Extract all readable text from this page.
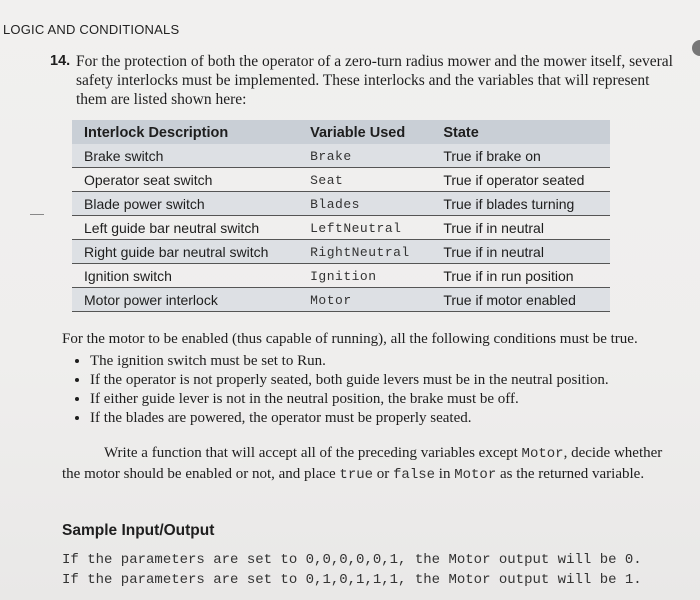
LOGIC AND CONDITIONALS
14. For the protection of both the operator of a zero-turn radius mower and the mower itself, several safety interlocks must be implemented. These interlocks and the variables that will represent them are listed shown here:
Interlock Description	Variable Used	State
Brake switch	Brake	True if brake on
Operator seat switch	Seat	True if operator seated
Blade power switch	Blades	True if blades turning
Left guide bar neutral switch	LeftNeutral	True if in neutral
Right guide bar neutral switch	RightNeutral	True if in neutral
Ignition switch	Ignition	True if in run position
Motor power interlock	Motor	True if motor enabled
For the motor to be enabled (thus capable of running), all the following conditions must be true.
• The ignition switch must be set to Run.
• If the operator is not properly seated, both guide levers must be in the neutral position.
• If either guide lever is not in the neutral position, the brake must be off.
• If the blades are powered, the operator must be properly seated.
Write a function that will accept all of the preceding variables except Motor, decide whether the motor should be enabled or not, and place true or false in Motor as the returned variable.
Sample Input/Output
If the parameters are set to 0,0,0,0,0,1, the Motor output will be 0.
If the parameters are set to 0,1,0,1,1,1, the Motor output will be 1.
